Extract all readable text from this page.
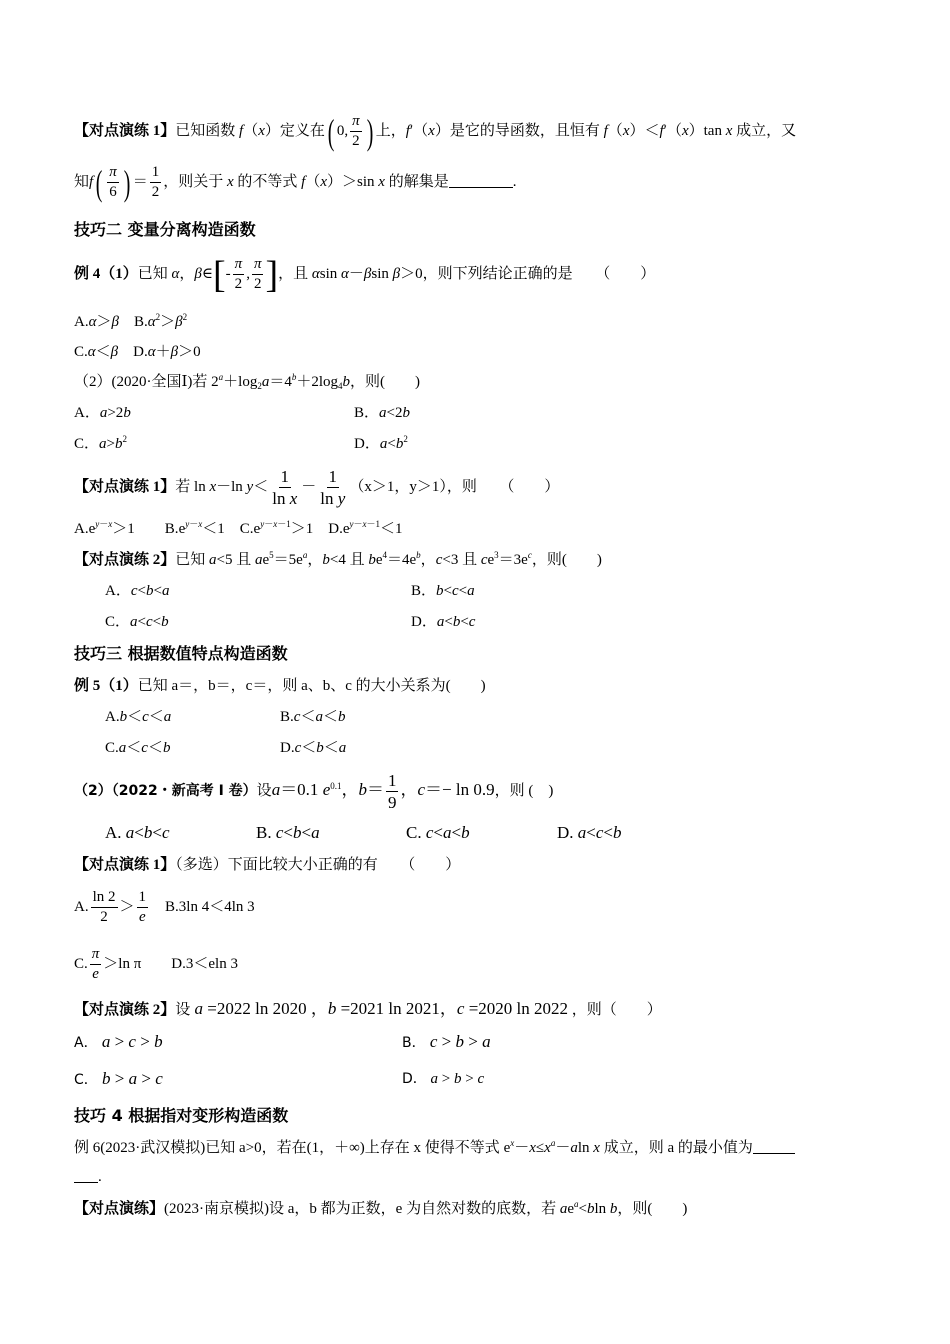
【对点演练 1】已知函数 f（x）定义在( 0, $\frac{\pi}{2}$ ) 上，f′（x）是它的导函数，且恒有 f（x）＜f′（x）tan x 成立，又
知$f( \frac{\pi}{6}$ ) ＝ $\frac{1}{2}$ ，则关于 x 的不等式 f（x）＞sin x 的解集是	.
技巧二 变量分离构造函数
例 4（1）已知 α，β∈[- $\frac{\pi}{2}$ , $\frac{\pi}{2}$ ]，且 αsin α－βsin β＞0，则下列结论正确的是　　 （　　）
A.α＞β　 $B.\alpha^2>\beta^2$
C.α＜β　 D.α＋β＞0
（2）(2020·全国Ⅰ)若 $2^a+\log_2a=4^b+2\log_4b$，则(　　)
A．a>2b	B．a<2b
C．$a>b^2$	D．$a<b^2$
【对点演练 1】若 ln x－ln $y< \frac{1}{\text{ln x}} - \frac{1}{\text{ln y}} (x>1$，y＞1），则　　 （　　）
$A.e^{y-x}>1$　　$B.e^{y-x}<1$　$C.e^{y-x-1}>1$　$D.e^{y-x-1}<1$
【对点演练 2】已知 a<5 且 $ae^5=5e^a$，b<4 且 $be^4=4e^b$，c<3 且 $ce^3=3e^c$，则(　　)
A．c<b<a	B．b<c<a
C．a<c<b	D．a<b<c
技巧三 根据数值特点构造函数
例 5（1）已知 a＝，b＝，c＝，则 a、b、c 的大小关系为(　　)
A.b＜c＜a	B.c＜a＜b
C.a＜c＜b	D.c＜b＜a
（2）（2022・新高考 Ⅰ 卷）设a＝0.1 $e^{0.1}$，$b= \frac{1}{9}$ ，c＝− ln 0.9，则 (　)
A. a<b<c	B. c<b<a	C. c<a<b	D. a<c<b
【对点演练 1】（多选）下面比较大小正确的有　　 （　　）
A. $\frac{\ln 2}{2} > \frac{1}{e}$
　 B.3ln 4＜4ln 3
C. $\frac{\pi}{e} >\ln$ π　　D.3＜eln 3
【对点演练 2】设 a =2022 ln 2020 ，b =2021 ln 2021，c =2020 ln 2022 ，则（　　）
A． a > c > b	B． c > b > a
C． b > a > c	D． a > b > c
技巧 4 根据指对变形构造函数
例 6(2023·武汉模拟)已知 a>0，若在(1，＋∞)上存在 x 使得不等式 $e^x-x\le x^a-aln$ x 成立，则 a 的最小值为
.
【对点演练】(2023·南京模拟)设 a，b 都为正数，e 为自然对数的底数，若 $ae^a<bln$ b，则(　　)
